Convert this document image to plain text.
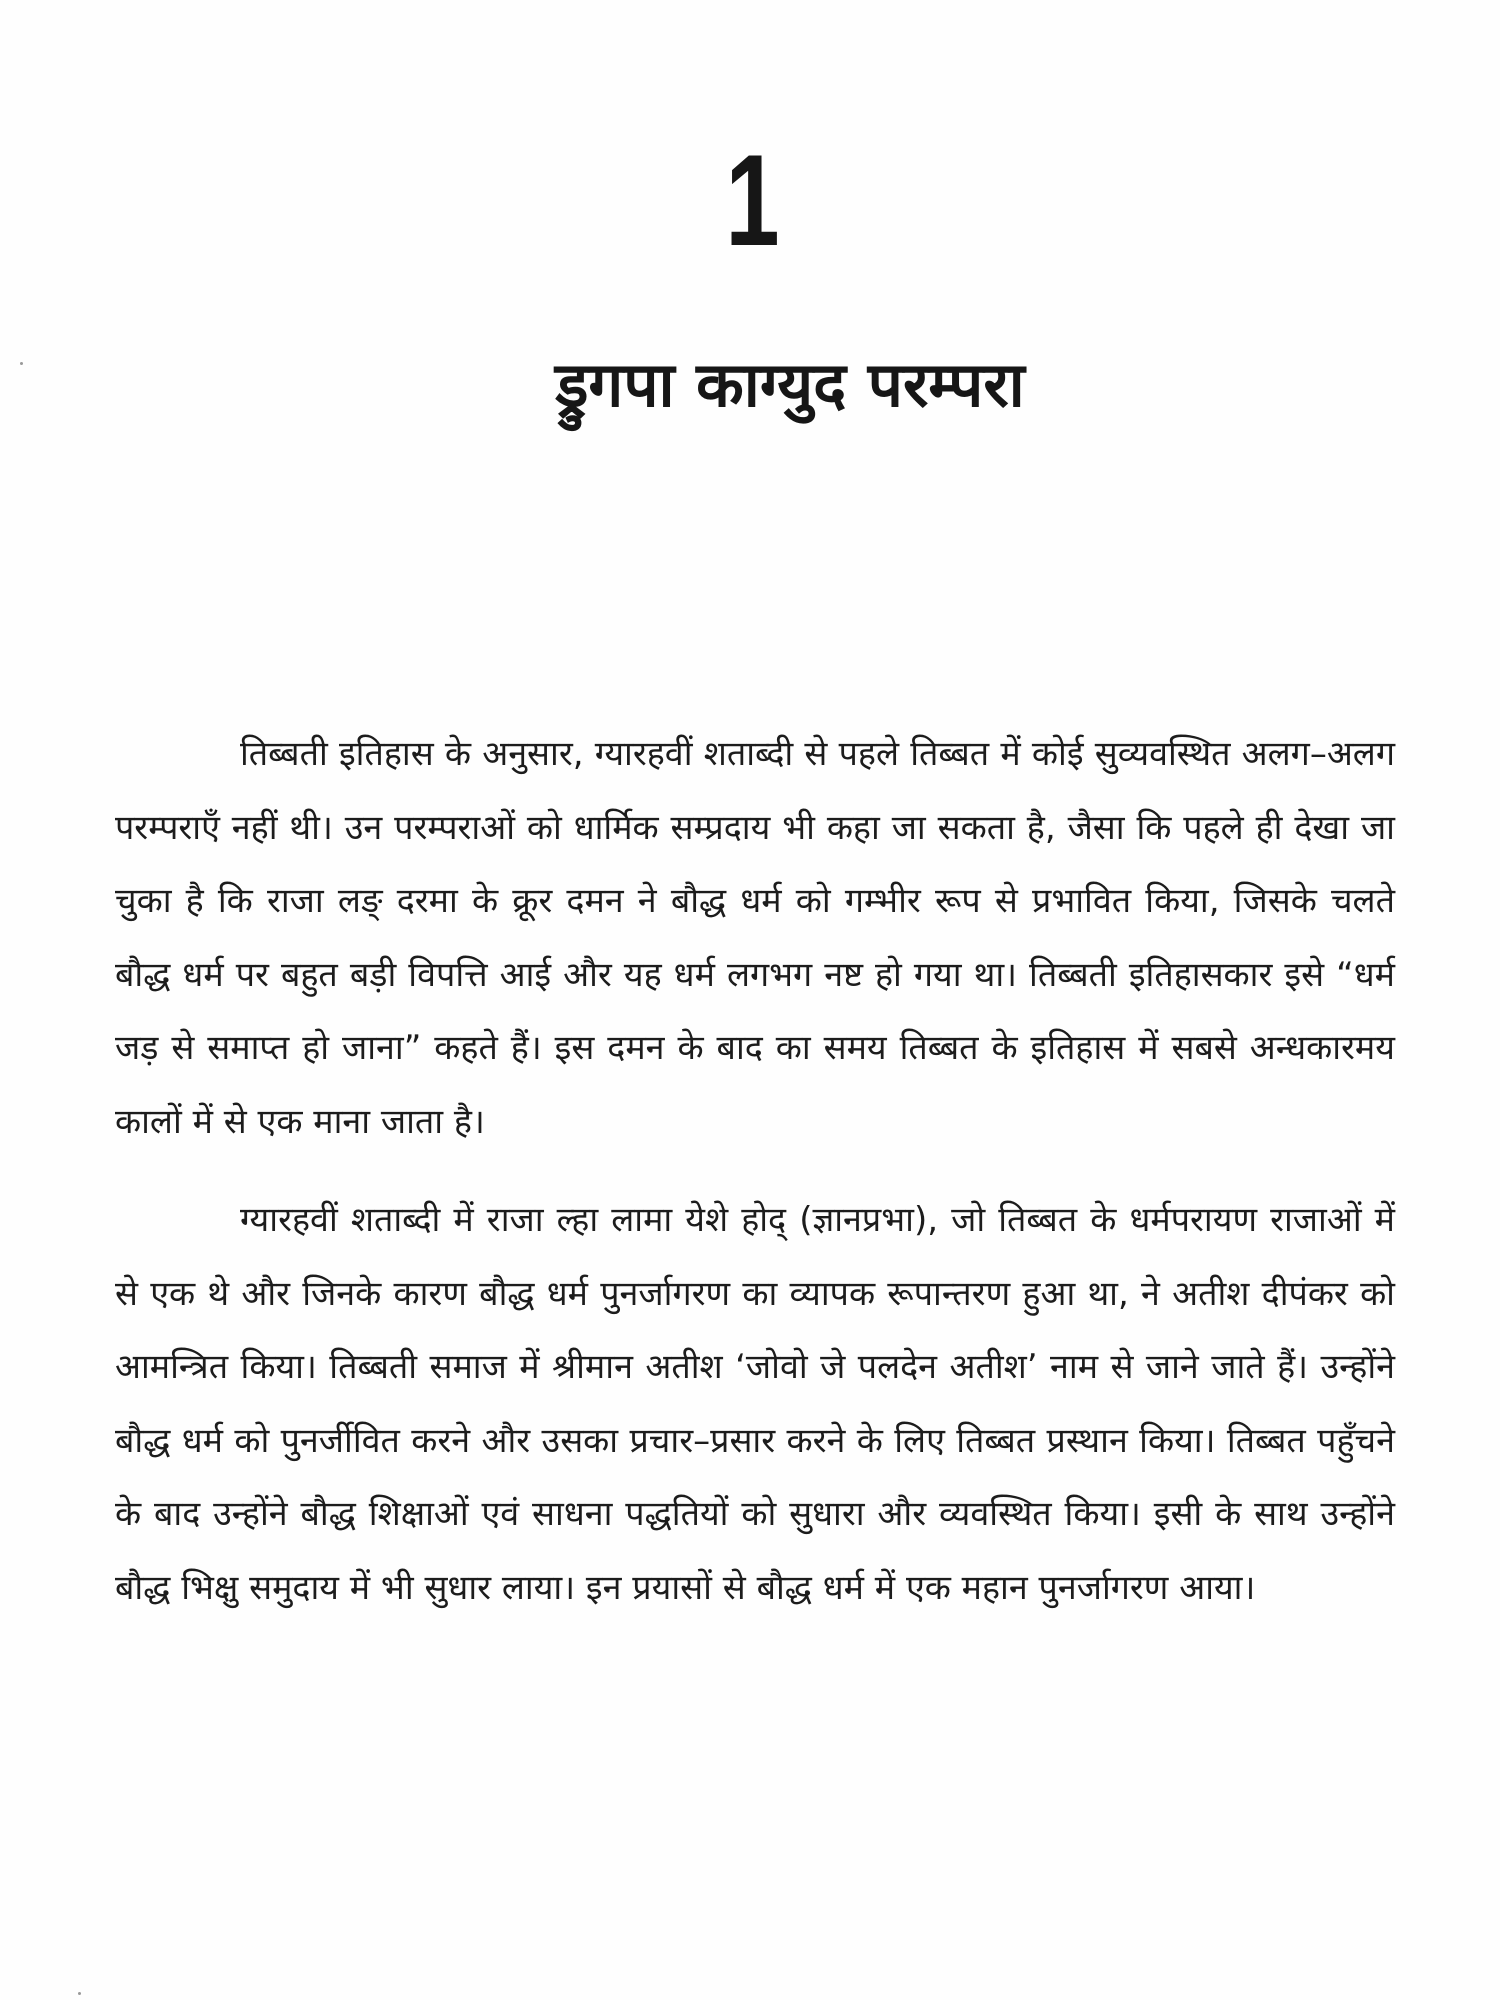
1
ड्रुगपा काग्युद परम्परा

तिब्बती इतिहास के अनुसार, ग्यारहवीं शताब्दी से पहले तिब्बत में कोई सुव्यवस्थित अलग–अलग परम्पराएँ नहीं थी। उन परम्पराओं को धार्मिक सम्प्रदाय भी कहा जा सकता है, जैसा कि पहले ही देखा जा चुका है कि राजा लङ् दरमा के क्रूर दमन ने बौद्ध धर्म को गम्भीर रूप से प्रभावित किया, जिसके चलते बौद्ध धर्म पर बहुत बड़ी विपत्ति आई और यह धर्म लगभग नष्ट हो गया था। तिब्बती इतिहासकार इसे “धर्म जड़ से समाप्त हो जाना” कहते हैं। इस दमन के बाद का समय तिब्बत के इतिहास में सबसे अन्धकारमय कालों में से एक माना जाता है।

ग्यारहवीं शताब्दी में राजा ल्हा लामा येशे होद् (ज्ञानप्रभा), जो तिब्बत के धर्मपरायण राजाओं में से एक थे और जिनके कारण बौद्ध धर्म पुनर्जागरण का व्यापक रूपान्तरण हुआ था, ने अतीश दीपंकर को आमन्त्रित किया। तिब्बती समाज में श्रीमान अतीश ‘जोवो जे पलदेन अतीश’ नाम से जाने जाते हैं। उन्होंने बौद्ध धर्म को पुनर्जीवित करने और उसका प्रचार–प्रसार करने के लिए तिब्बत प्रस्थान किया। तिब्बत पहुँचने के बाद उन्होंने बौद्ध शिक्षाओं एवं साधना पद्धतियों को सुधारा और व्यवस्थित किया। इसी के साथ उन्होंने बौद्ध भिक्षु समुदाय में भी सुधार लाया। इन प्रयासों से बौद्ध धर्म में एक महान पुनर्जागरण आया।
